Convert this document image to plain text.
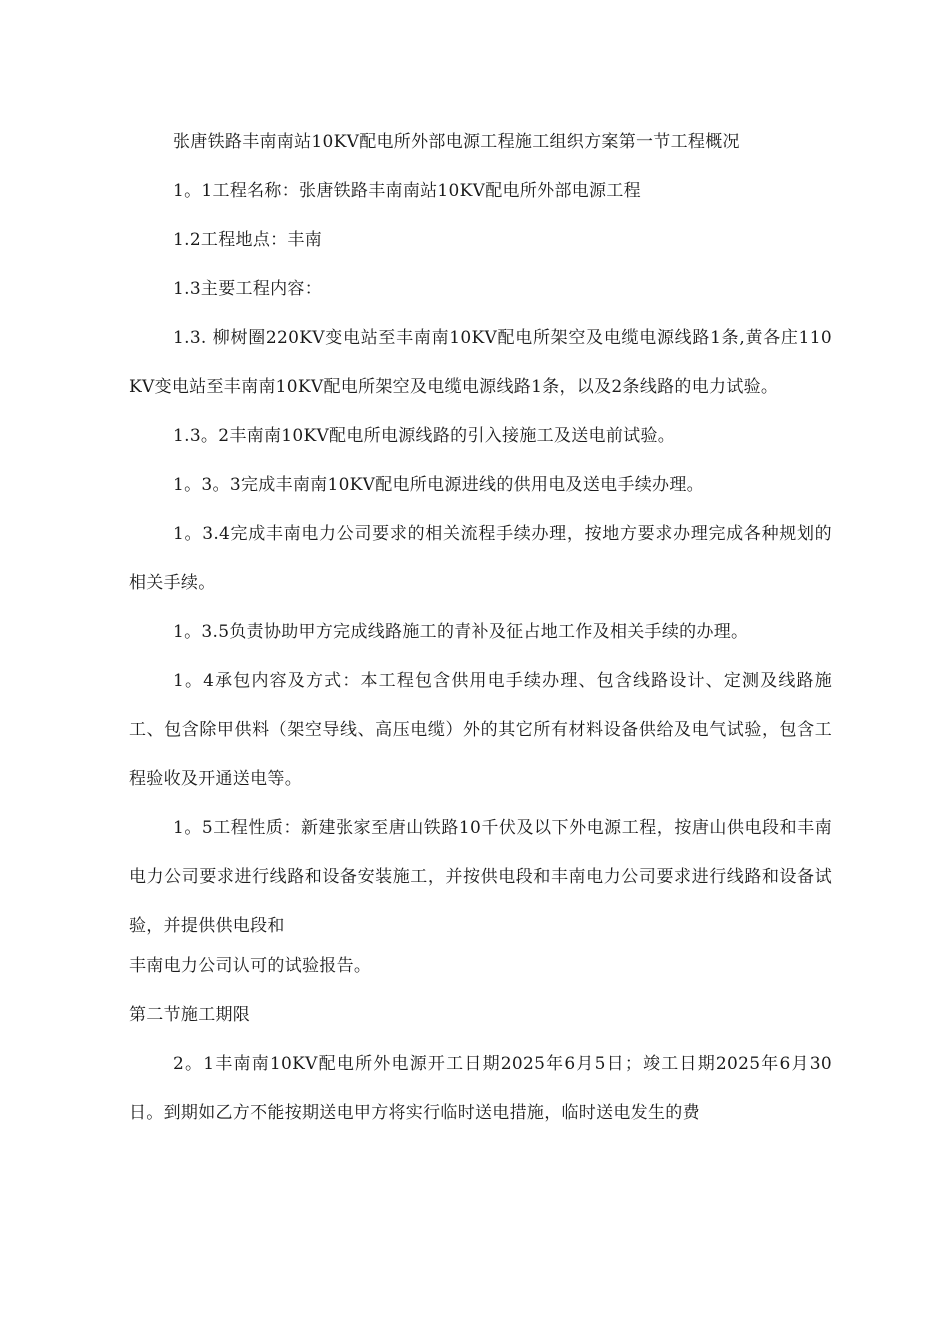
张唐铁路丰南南站10KV配电所外部电源工程施工组织方案第一节工程概况

1。1工程名称：张唐铁路丰南南站10KV配电所外部电源工程

1.2工程地点：丰南

1.3主要工程内容：

1.3. 柳树圈220KV变电站至丰南南10KV配电所架空及电缆电源线路1条,黄各庄110KV变电站至丰南南10KV配电所架空及电缆电源线路1条，以及2条线路的电力试验。

1.3。2丰南南10KV配电所电源线路的引入接施工及送电前试验。

1。3。3完成丰南南10KV配电所电源进线的供用电及送电手续办理。

1。3.4完成丰南电力公司要求的相关流程手续办理，按地方要求办理完成各种规划的相关手续。

1。3.5负责协助甲方完成线路施工的青补及征占地工作及相关手续的办理。

1。4承包内容及方式：本工程包含供用电手续办理、包含线路设计、定测及线路施工、包含除甲供料（架空导线、高压电缆）外的其它所有材料设备供给及电气试验，包含工程验收及开通送电等。

1。5工程性质：新建张家至唐山铁路10千伏及以下外电源工程，按唐山供电段和丰南电力公司要求进行线路和设备安装施工，并按供电段和丰南电力公司要求进行线路和设备试验，并提供供电段和

丰南电力公司认可的试验报告。

第二节施工期限

2。1丰南南10KV配电所外电源开工日期2025年6月5日；竣工日期2025年6月30日。到期如乙方不能按期送电甲方将实行临时送电措施，临时送电发生的费
